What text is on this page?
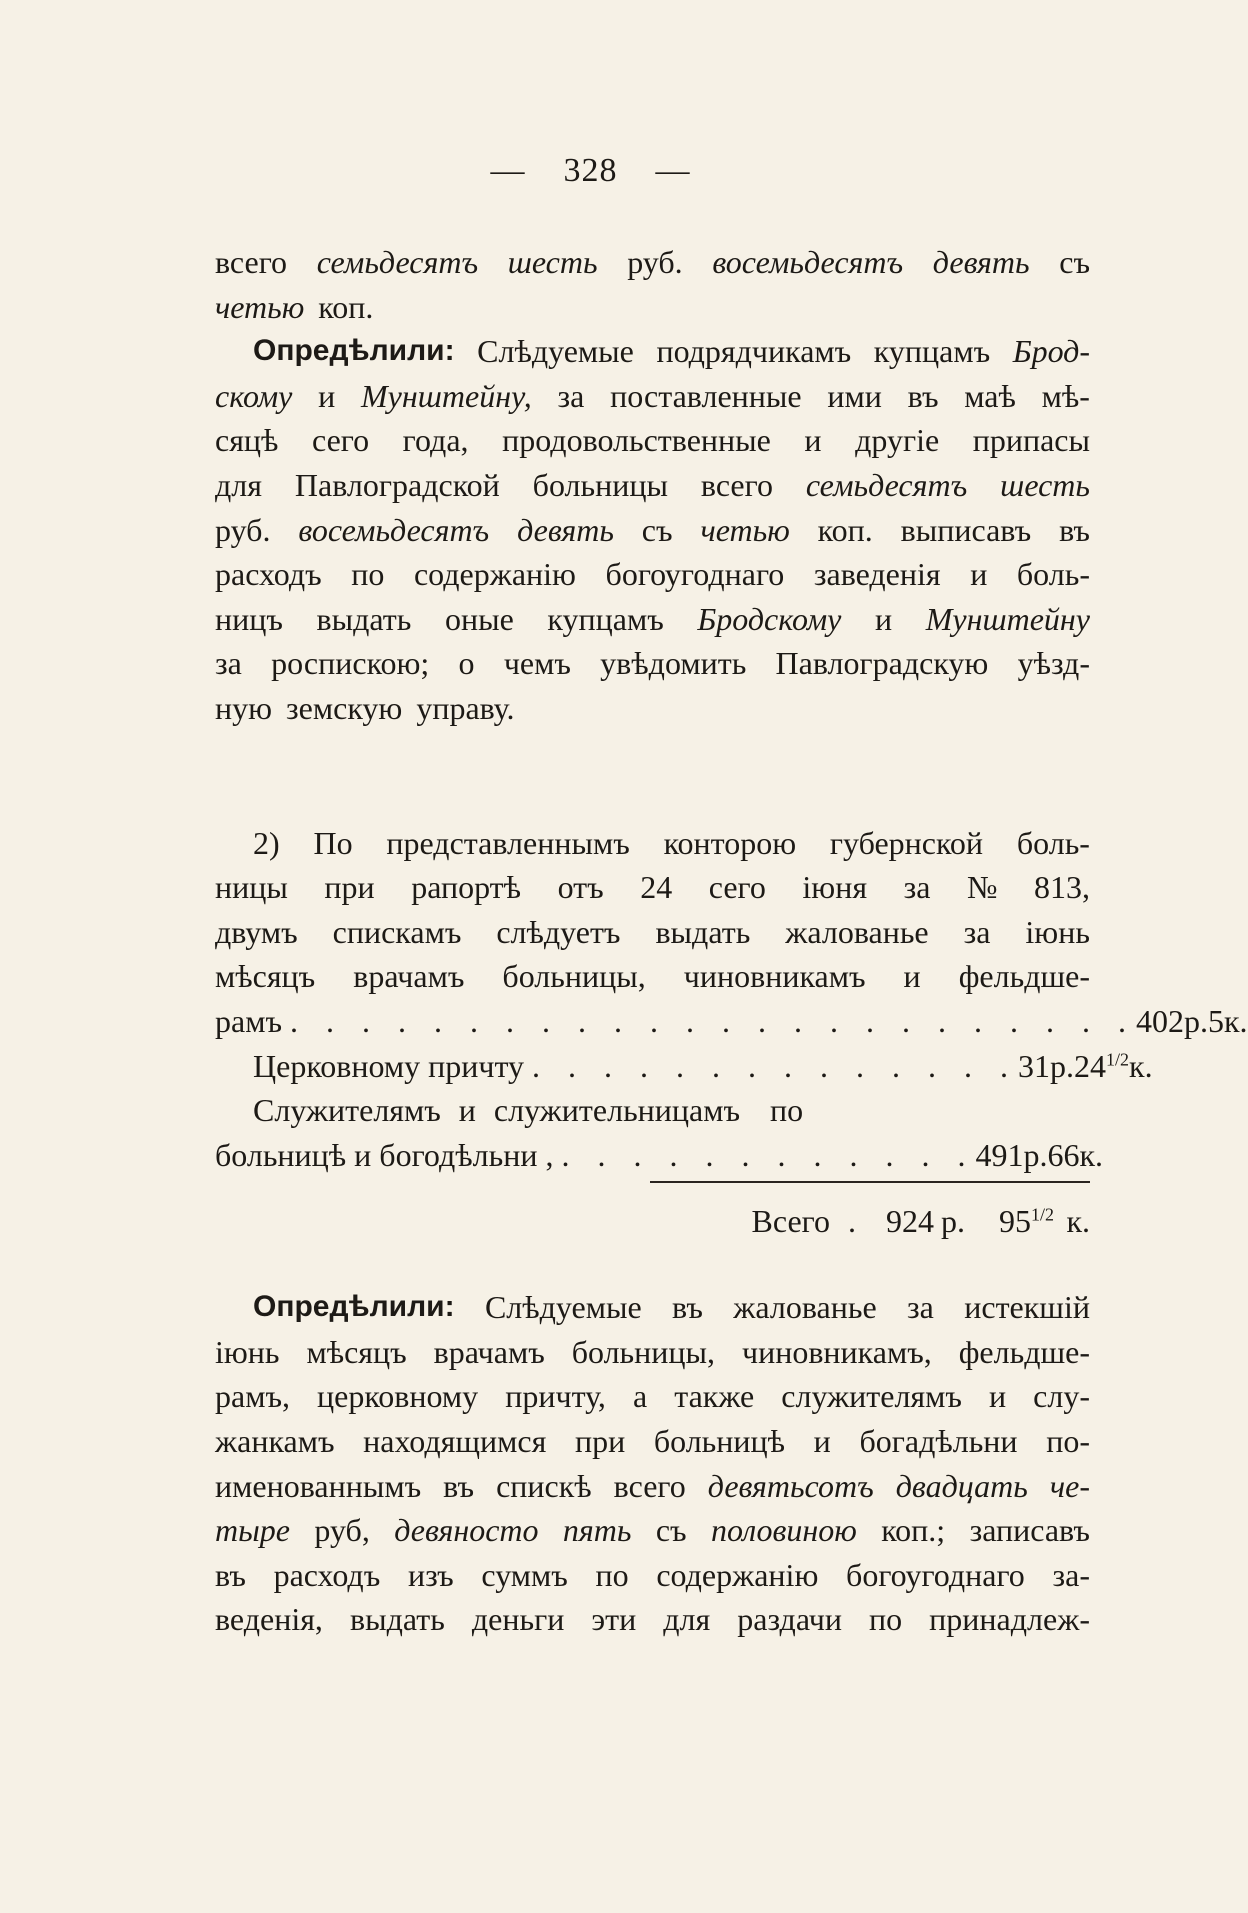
— 328 —
всего семьдесятъ шесть руб. восемьдесятъ девять съ
четью коп.
Опредѣлили: Слѣдуемые подрядчикамъ купцамъ Брод-
скому и Мунштейну, за поставленные ими въ маѣ мѣ-
сяцѣ сего года, продовольственные и другіе припасы
для Павлоградской больницы всего семьдесятъ шесть
руб. восемьдесятъ девять съ четью коп. выписавъ въ
расходъ по содержанію богоугоднаго заведенія и боль-
ницъ выдать оные купцамъ Бродскому и Мунштейну
за роспискою; о чемъ увѣдомить Павлоградскую уѣзд-
ную земскую управу.
2) По представленнымъ конторою губернской боль-
ницы при рапортѣ отъ 24 сего іюня за № 813,
двумъ спискамъ слѣдуетъ выдать жалованье за іюнь
мѣсяцъ врачамъ больницы, чиновникамъ и фельдше-
рамъ . . . . . . . . . . . . . . . . . . . . . . . . 402 р. 5 к.
Церковному причту . . . . . . . . . . . . . . 31 р. $24^{1/2}$ к.
Служителямъ и служительницамъ по
больницѣ и богодѣльни , . . . . . . . . . . . . 491 р. 66 к.
Всего . 924 р.	$95^{1/2}$ к.
Опредѣлили: Слѣдуемые въ жалованье за истекшій
іюнь мѣсяцъ врачамъ больницы, чиновникамъ, фельдше-
рамъ, церковному причту, а также служителямъ и слу-
жанкамъ находящимся при больницѣ и богадѣльни по-
именованнымъ въ спискѣ всего девятьсотъ двадцать че-
тыре руб, девяносто пять съ половиною коп.; записавъ
въ расходъ изъ суммъ по содержанію богоугоднаго за-
веденія, выдать деньги эти для раздачи по принадлеж-
